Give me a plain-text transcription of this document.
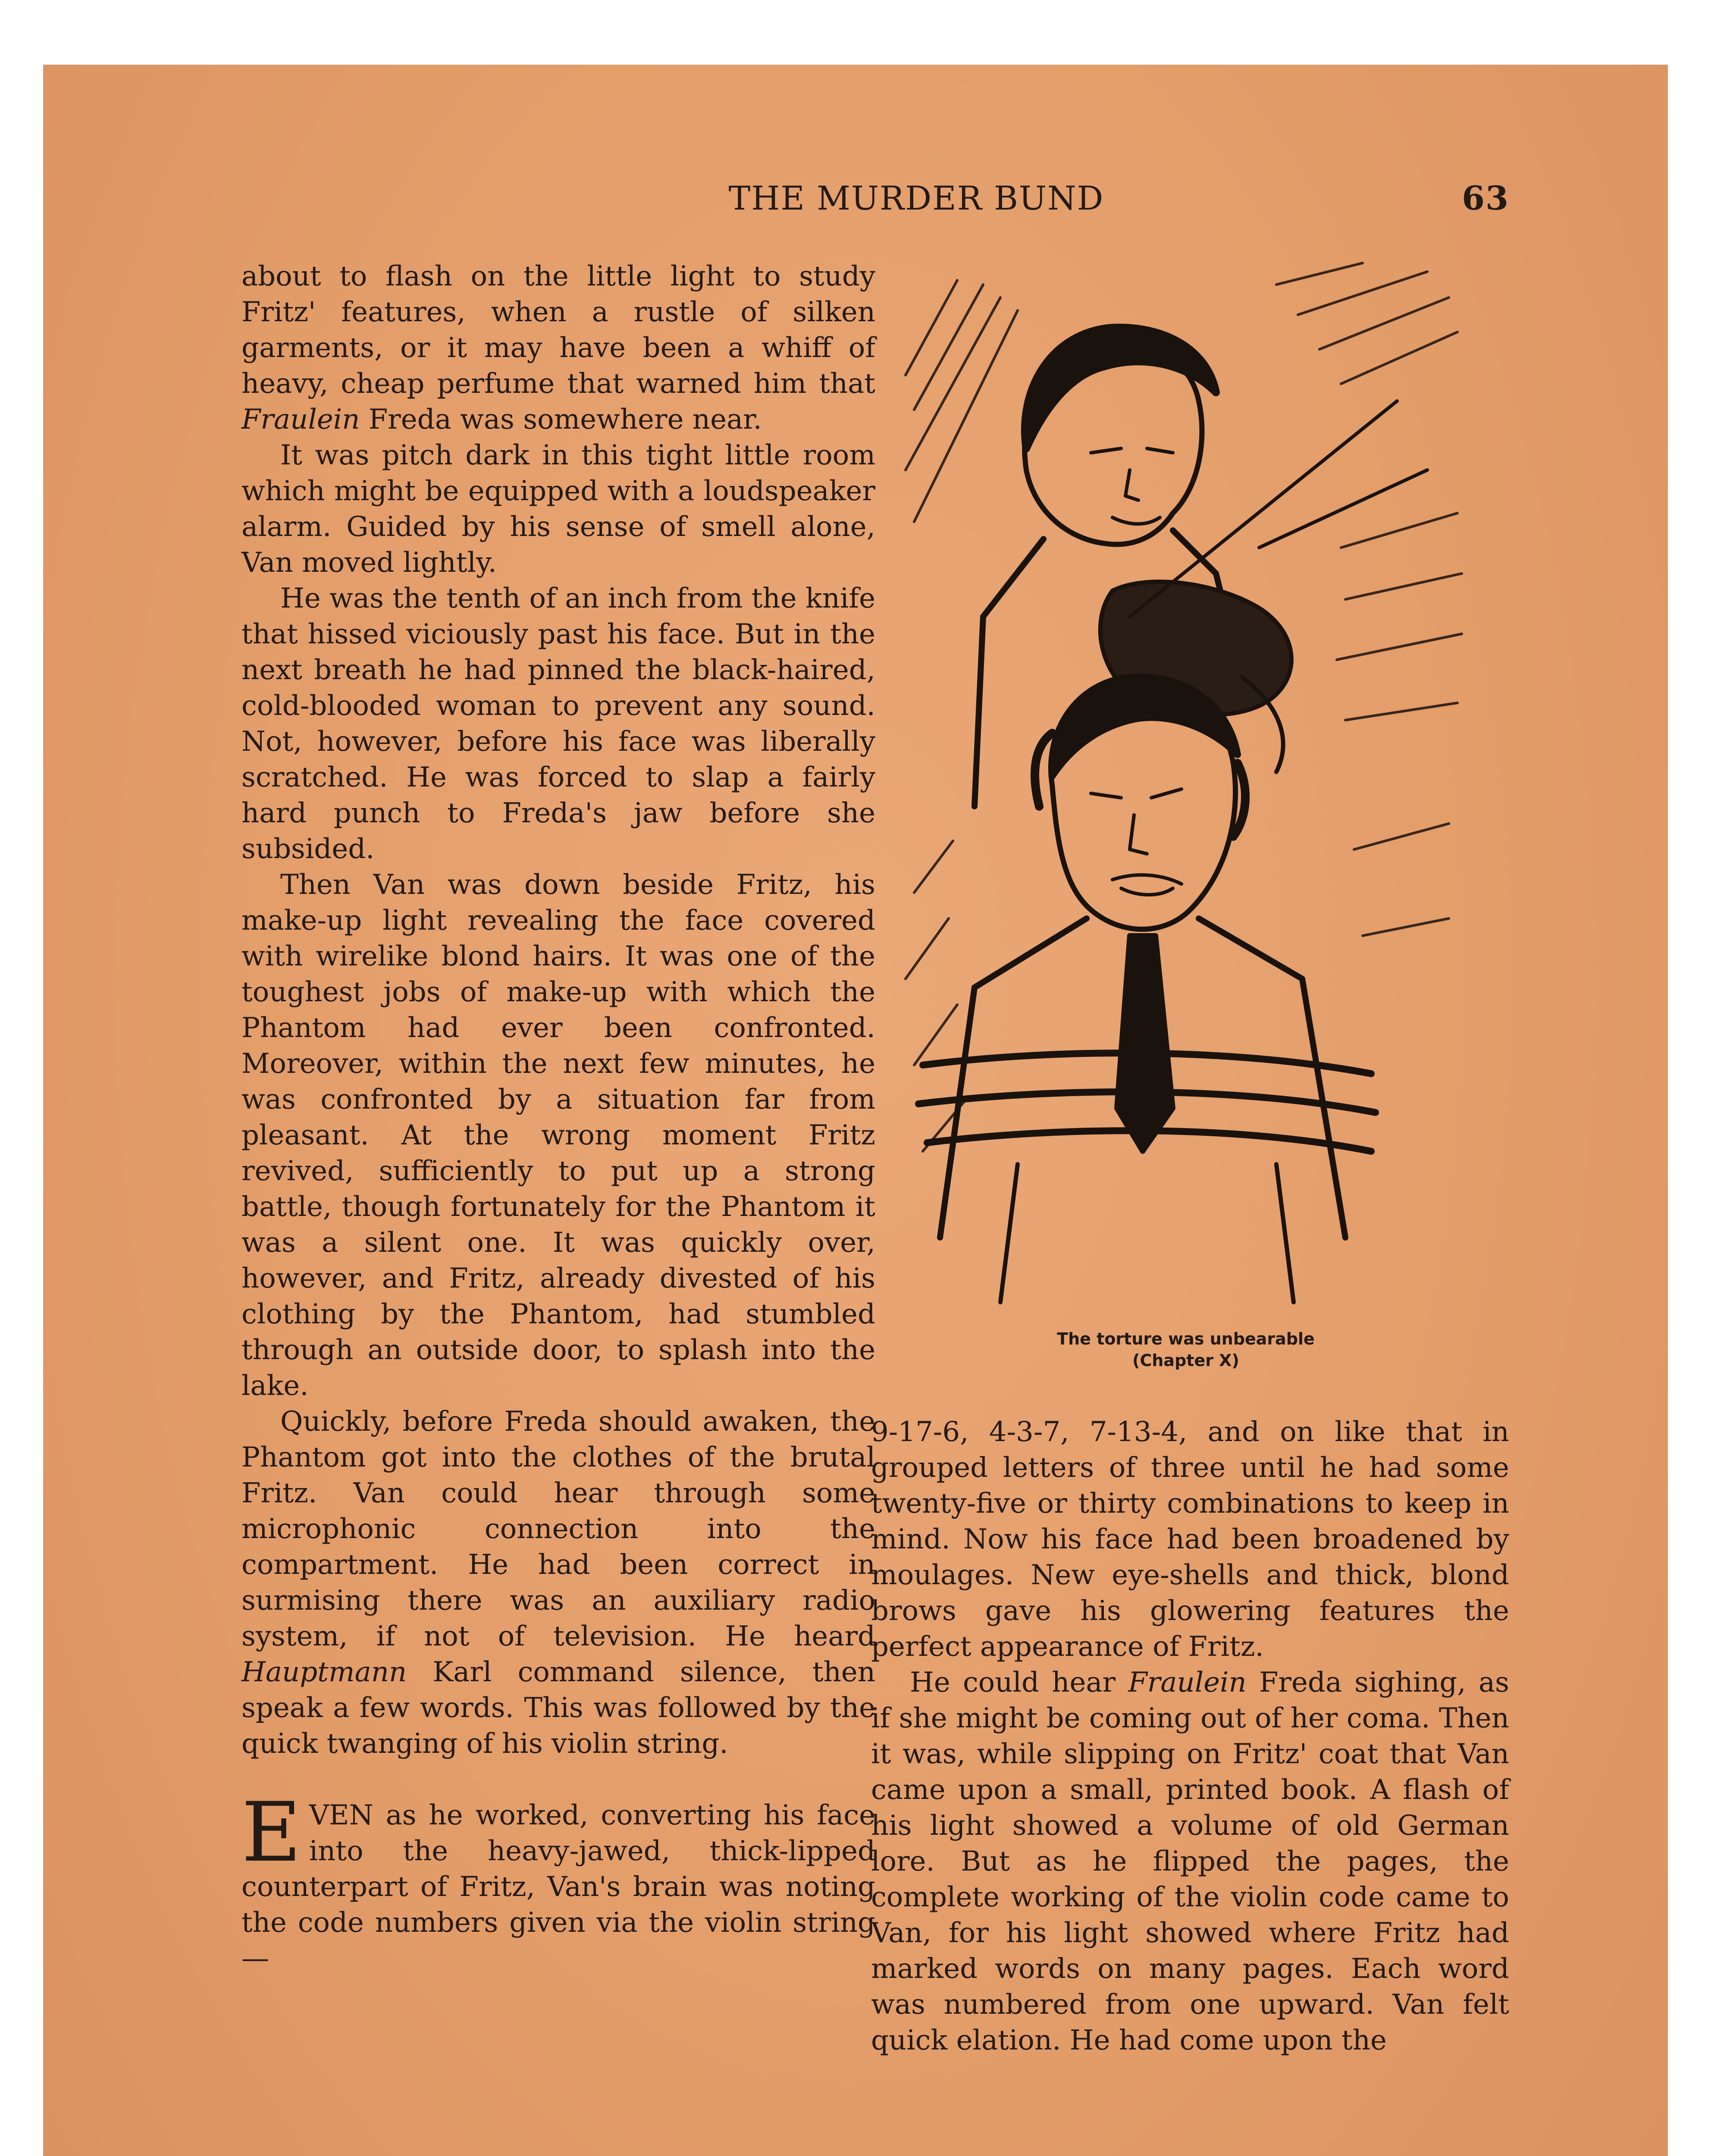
THE MURDER BUND	63

about to flash on the little light to study Fritz' features, when a rustle of silken garments, or it may have been a whiff of heavy, cheap perfume that warned him that Fraulein Freda was somewhere near.

It was pitch dark in this tight little room which might be equipped with a loudspeaker alarm. Guided by his sense of smell alone, Van moved lightly.

He was the tenth of an inch from the knife that hissed viciously past his face. But in the next breath he had pinned the black-haired, cold-blooded woman to prevent any sound. Not, however, before his face was liberally scratched. He was forced to slap a fairly hard punch to Freda's jaw before she subsided.

Then Van was down beside Fritz, his make-up light revealing the face covered with wirelike blond hairs. It was one of the toughest jobs of make-up with which the Phantom had ever been confronted. Moreover, within the next few minutes, he was confronted by a situation far from pleasant. At the wrong moment Fritz revived, sufficiently to put up a strong battle, though fortunately for the Phantom it was a silent one. It was quickly over, however, and Fritz, already divested of his clothing by the Phantom, had stumbled through an outside door, to splash into the lake.

Quickly, before Freda should awaken, the Phantom got into the clothes of the brutal Fritz. Van could hear through some microphonic connection into the compartment. He had been correct in surmising there was an auxiliary radio system, if not of television. He heard Hauptmann Karl command silence, then speak a few words. This was followed by the quick twanging of his violin string.

EVEN as he worked, converting his face into the heavy-jawed, thick-lipped counterpart of Fritz, Van's brain was noting the code numbers given via the violin string—

The torture was unbearable
(Chapter X)

9-17-6, 4-3-7, 7-13-4, and on like that in grouped letters of three until he had some twenty-five or thirty combinations to keep in mind. Now his face had been broadened by moulages. New eye-shells and thick, blond brows gave his glowering features the perfect appearance of Fritz.

He could hear Fraulein Freda sighing, as if she might be coming out of her coma. Then it was, while slipping on Fritz' coat that Van came upon a small, printed book. A flash of his light showed a volume of old German lore. But as he flipped the pages, the complete working of the violin code came to Van, for his light showed where Fritz had marked words on many pages. Each word was numbered from one upward. Van felt quick elation. He had come upon the
